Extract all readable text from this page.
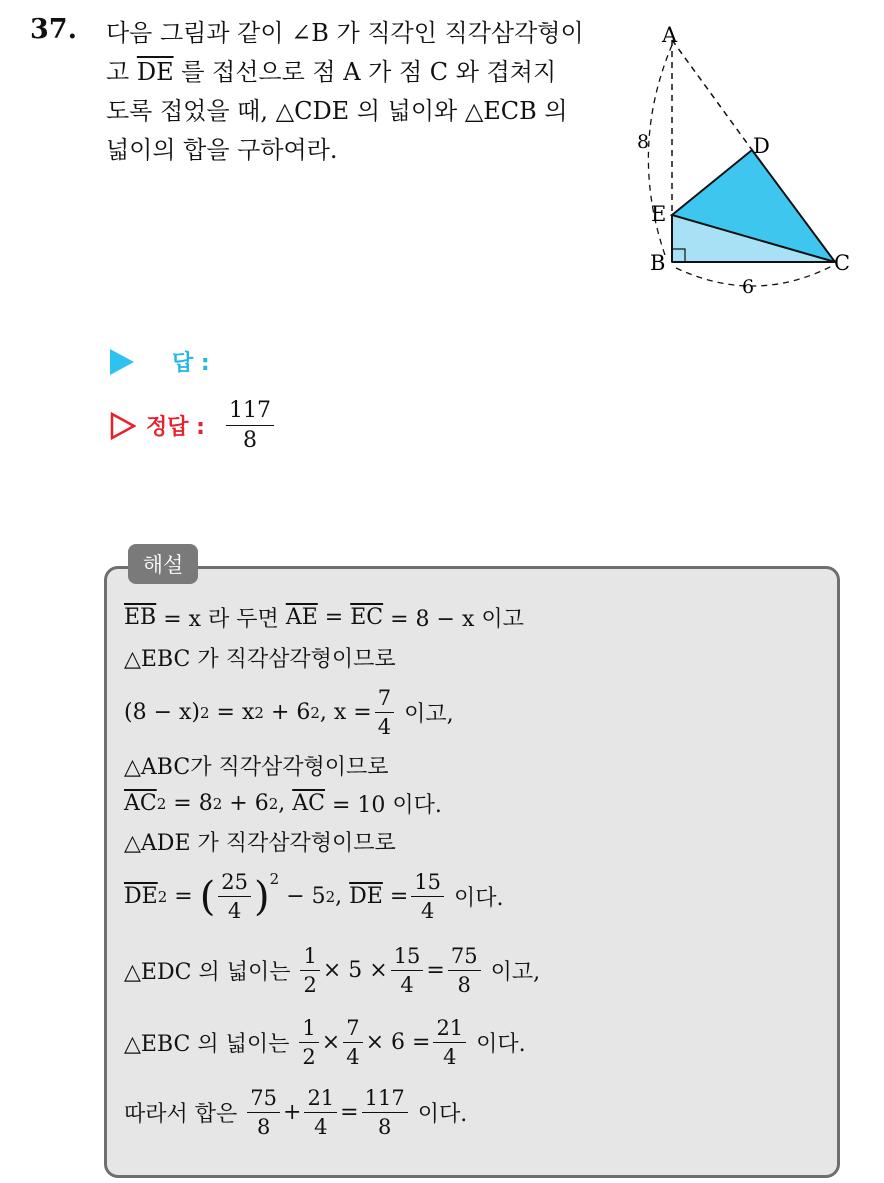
37. 다음 그림과 같이 ∠B 가 직각인 직각삼각형이
고 $\overline{DE}$ 를 접선으로 점 A 가 점 C 와 겹쳐지
도록 접었을 때, △CDE 의 넓이와 △ECB 의
넓이의 합을 구하여라.
A
D
E
B	C
8
6
답 :
정답 : $\frac{117}{8}$
해설
$\overline{EB}$
= x 라 두면
$\overline{AE}$
=
$\overline{EC}$
= 8 − x 이고
△EBC 가 직각삼각형이므로
(8 − x) 2
= x 2
+ 6 2 , $x = \frac{7}{4}$
이고,
△ABC가 직각삼각형이므로
$\overline{AC}$ 2
= 8 2
+ 6 2 ,
$\overline{AC}$
= 10 이다.
△ADE 가 직각삼각형이므로
$\overline{DE}$ 2
=
( $\frac{25}{4} )^2$

− 5 2 ,
$\overline{DE}$
= $\frac{15}{4}$
이다.
△EDC 의 넓이는
$\frac{1}{2} \times 5 \times \frac{15}{4} = \frac{75}{8}$
이고,
△EBC 의 넓이는
$\frac{1}{2} \times \frac{7}{4} \times 6 = \frac{21}{4}$
이다.
따라서 합은
$\frac{75}{8} + \frac{21}{4} = \frac{117}{8}$
이다.
